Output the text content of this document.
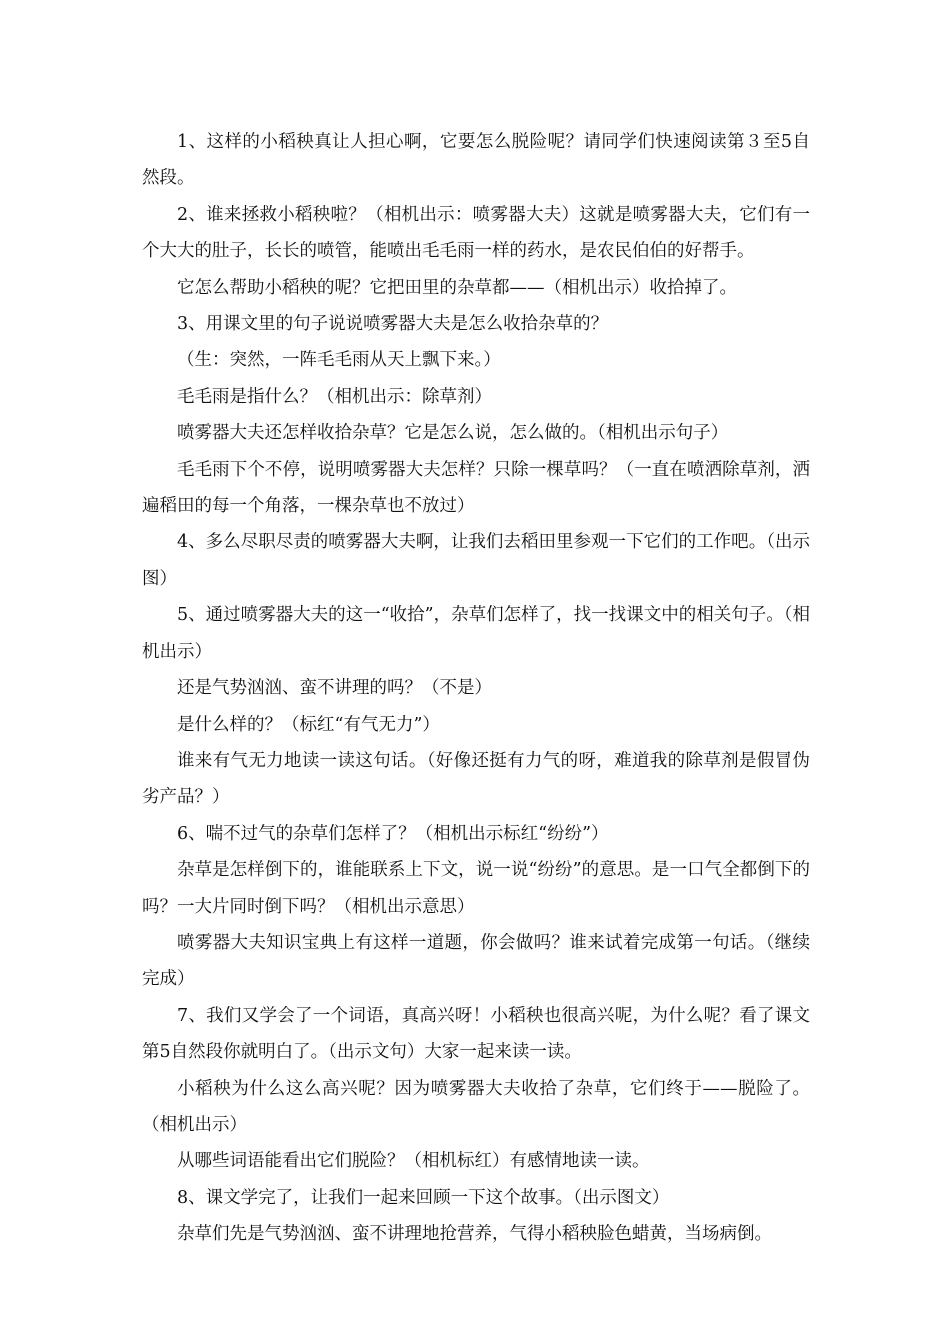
1、这样的小稻秧真让人担心啊，它要怎么脱险呢？请同学们快速阅读第３至5自然段。

2、谁来拯救小稻秧啦？（相机出示：喷雾器大夫）这就是喷雾器大夫，它们有一个大大的肚子，长长的喷管，能喷出毛毛雨一样的药水，是农民伯伯的好帮手。

它怎么帮助小稻秧的呢？它把田里的杂草都——（相机出示）收拾掉了。

3、用课文里的句子说说喷雾器大夫是怎么收拾杂草的？

（生：突然，一阵毛毛雨从天上飘下来。）

毛毛雨是指什么？（相机出示：除草剂）

喷雾器大夫还怎样收拾杂草？它是怎么说，怎么做的。（相机出示句子）

毛毛雨下个不停，说明喷雾器大夫怎样？只除一棵草吗？（一直在喷洒除草剂，洒遍稻田的每一个角落，一棵杂草也不放过）

4、多么尽职尽责的喷雾器大夫啊，让我们去稻田里参观一下它们的工作吧。（出示图）

5、通过喷雾器大夫的这一“收拾”，杂草们怎样了，找一找课文中的相关句子。（相机出示）

还是气势汹汹、蛮不讲理的吗？（不是）

是什么样的？（标红“有气无力”）

谁来有气无力地读一读这句话。（好像还挺有力气的呀，难道我的除草剂是假冒伪劣产品？）

6、喘不过气的杂草们怎样了？（相机出示标红“纷纷”）

杂草是怎样倒下的，谁能联系上下文，说一说“纷纷”的意思。是一口气全都倒下的吗？一大片同时倒下吗？（相机出示意思）

喷雾器大夫知识宝典上有这样一道题，你会做吗？谁来试着完成第一句话。（继续完成）

7、我们又学会了一个词语，真高兴呀！小稻秧也很高兴呢，为什么呢？看了课文第5自然段你就明白了。（出示文句）大家一起来读一读。

小稻秧为什么这么高兴呢？因为喷雾器大夫收拾了杂草，它们终于——脱险了。（相机出示）

从哪些词语能看出它们脱险？（相机标红）有感情地读一读。

8、课文学完了，让我们一起来回顾一下这个故事。（出示图文）

杂草们先是气势汹汹、蛮不讲理地抢营养，气得小稻秧脸色蜡黄，当场病倒。
